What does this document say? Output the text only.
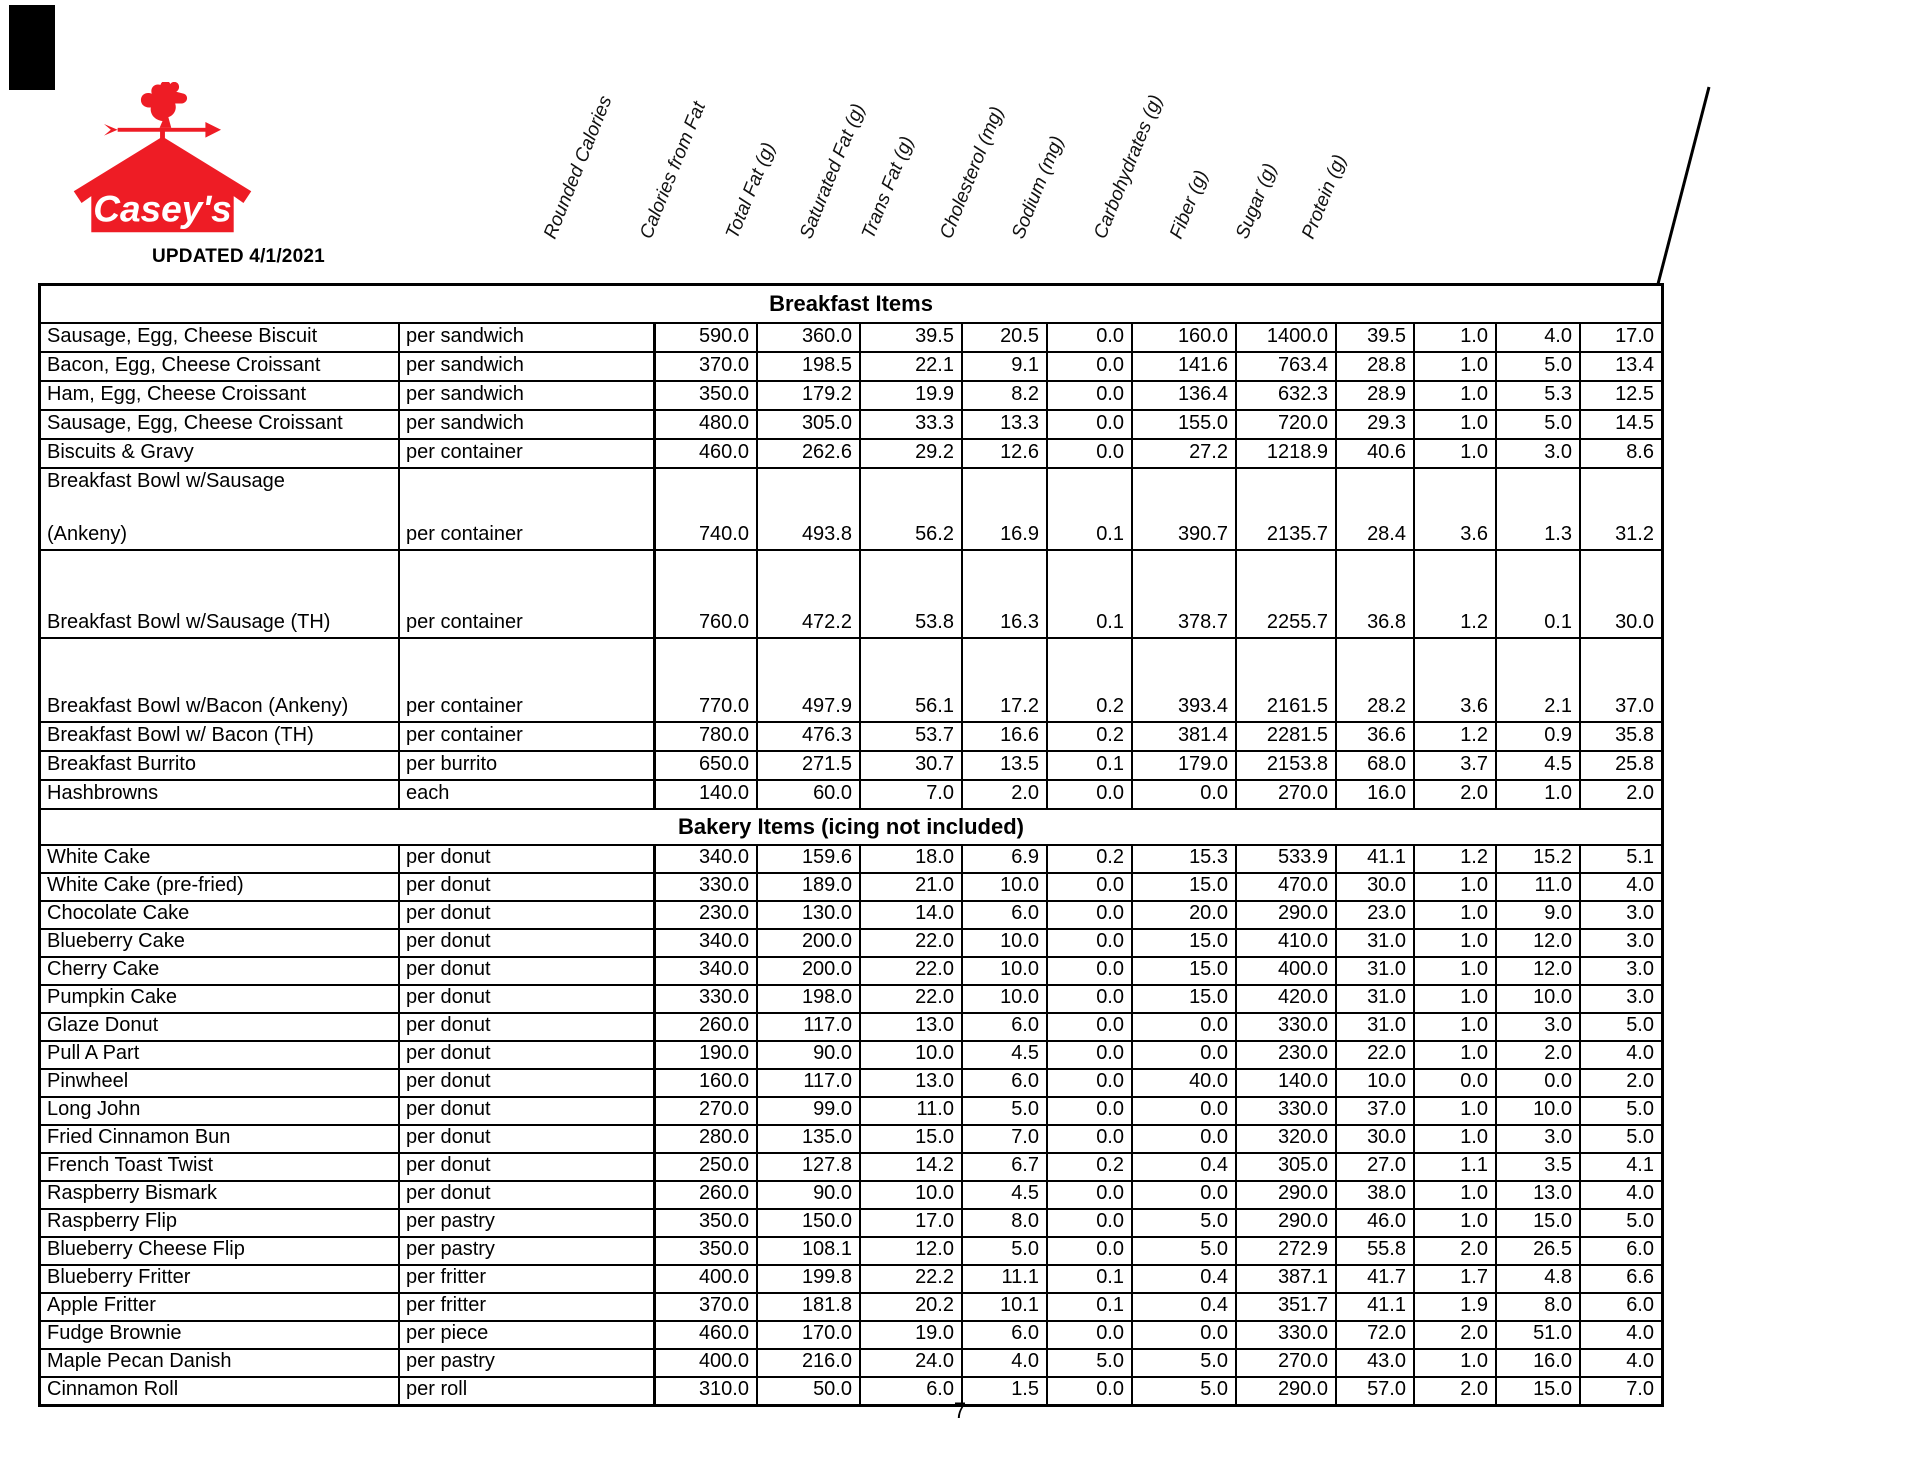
Casey's
UPDATED 4/1/2021
Rounded Calories Calories from Fat Total Fat (g) Saturated Fat (g)
Trans Fat (g) Cholesterol (mg) Sodium (mg) Carbohydrates (g) Fiber (g) Sugar (g) Protein (g)
Breakfast Items
Sausage, Egg, Cheese Biscuit	per sandwich	590.0	360.0	39.5	20.5	0.0	160.0	1400.0	39.5	1.0	4.0	17.0
Bacon, Egg, Cheese Croissant	per sandwich	370.0	198.5	22.1	9.1	0.0	141.6	763.4	28.8	1.0	5.0	13.4
Ham, Egg, Cheese Croissant	per sandwich	350.0	179.2	19.9	8.2	0.0	136.4	632.3	28.9	1.0	5.3	12.5
Sausage, Egg, Cheese Croissant	per sandwich	480.0	305.0	33.3	13.3	0.0	155.0	720.0	29.3	1.0	5.0	14.5
Biscuits & Gravy	per container	460.0	262.6	29.2	12.6	0.0	27.2	1218.9	40.6	1.0	3.0	8.6
Breakfast Bowl w/Sausage
(Ankeny)	per container	740.0	493.8	56.2	16.9	0.1	390.7	2135.7	28.4	3.6	1.3	31.2
Breakfast Bowl w/Sausage (TH)	per container	760.0	472.2	53.8	16.3	0.1	378.7	2255.7	36.8	1.2	0.1	30.0
Breakfast Bowl w/Bacon (Ankeny)	per container	770.0	497.9	56.1	17.2	0.2	393.4	2161.5	28.2	3.6	2.1	37.0
Breakfast Bowl w/ Bacon (TH)	per container	780.0	476.3	53.7	16.6	0.2	381.4	2281.5	36.6	1.2	0.9	35.8
Breakfast Burrito	per burrito	650.0	271.5	30.7	13.5	0.1	179.0	2153.8	68.0	3.7	4.5	25.8
Hashbrowns	each	140.0	60.0	7.0	2.0	0.0	0.0	270.0	16.0	2.0	1.0	2.0
Bakery Items (icing not included)
White Cake	per donut	340.0	159.6	18.0	6.9	0.2	15.3	533.9	41.1	1.2	15.2	5.1
White Cake (pre-fried)	per donut	330.0	189.0	21.0	10.0	0.0	15.0	470.0	30.0	1.0	11.0	4.0
Chocolate Cake	per donut	230.0	130.0	14.0	6.0	0.0	20.0	290.0	23.0	1.0	9.0	3.0
Blueberry Cake	per donut	340.0	200.0	22.0	10.0	0.0	15.0	410.0	31.0	1.0	12.0	3.0
Cherry Cake	per donut	340.0	200.0	22.0	10.0	0.0	15.0	400.0	31.0	1.0	12.0	3.0
Pumpkin Cake	per donut	330.0	198.0	22.0	10.0	0.0	15.0	420.0	31.0	1.0	10.0	3.0
Glaze Donut	per donut	260.0	117.0	13.0	6.0	0.0	0.0	330.0	31.0	1.0	3.0	5.0
Pull A Part	per donut	190.0	90.0	10.0	4.5	0.0	0.0	230.0	22.0	1.0	2.0	4.0
Pinwheel	per donut	160.0	117.0	13.0	6.0	0.0	40.0	140.0	10.0	0.0	0.0	2.0
Long John	per donut	270.0	99.0	11.0	5.0	0.0	0.0	330.0	37.0	1.0	10.0	5.0
Fried Cinnamon Bun	per donut	280.0	135.0	15.0	7.0	0.0	0.0	320.0	30.0	1.0	3.0	5.0
French Toast Twist	per donut	250.0	127.8	14.2	6.7	0.2	0.4	305.0	27.0	1.1	3.5	4.1
Raspberry Bismark	per donut	260.0	90.0	10.0	4.5	0.0	0.0	290.0	38.0	1.0	13.0	4.0
Raspberry Flip	per pastry	350.0	150.0	17.0	8.0	0.0	5.0	290.0	46.0	1.0	15.0	5.0
Blueberry Cheese Flip	per pastry	350.0	108.1	12.0	5.0	0.0	5.0	272.9	55.8	2.0	26.5	6.0
Blueberry Fritter	per fritter	400.0	199.8	22.2	11.1	0.1	0.4	387.1	41.7	1.7	4.8	6.6
Apple Fritter	per fritter	370.0	181.8	20.2	10.1	0.1	0.4	351.7	41.1	1.9	8.0	6.0
Fudge Brownie	per piece	460.0	170.0	19.0	6.0	0.0	0.0	330.0	72.0	2.0	51.0	4.0
Maple Pecan Danish	per pastry	400.0	216.0	24.0	4.0	5.0	5.0	270.0	43.0	1.0	16.0	4.0
Cinnamon Roll	per roll	310.0	50.0	6.0	1.5	0.0	5.0	290.0	57.0	2.0	15.0	7.0
7
